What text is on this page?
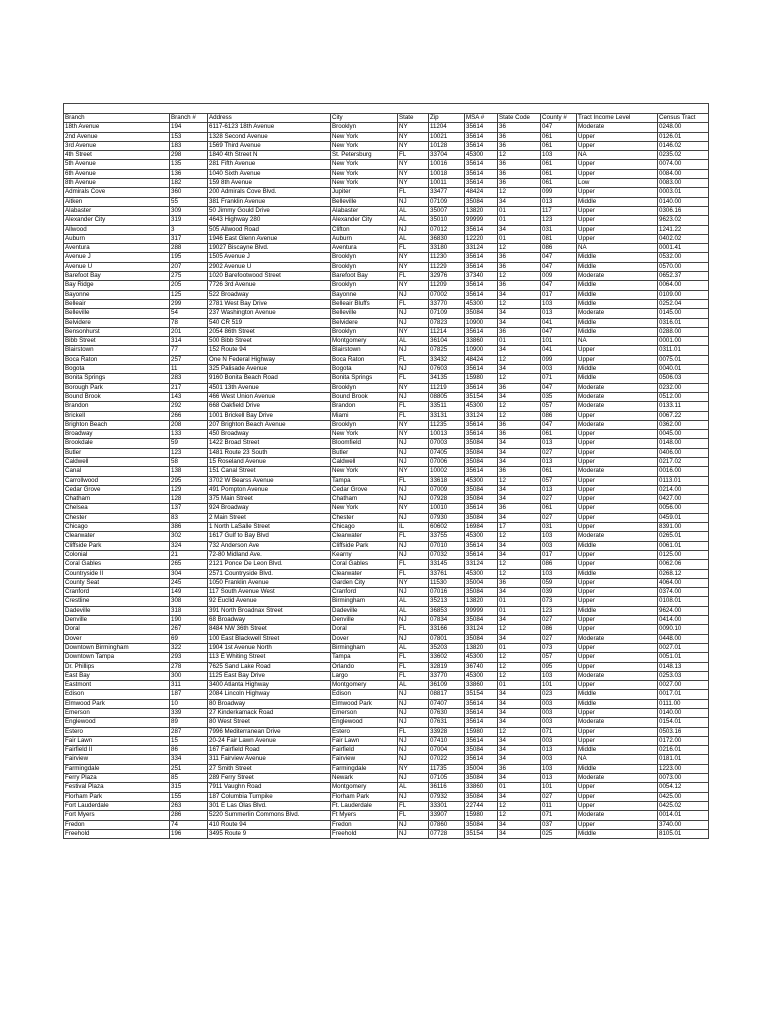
Branch	Branch #	Address	City	State	Zip	MSA #	State Code	County #	Tract Income Level	Census Tract
18th Avenue	194	6117-6123 18th Avenue	Brooklyn	NY	11204	35614	36	047	Moderate	0248.00
2nd Avenue	153	1328 Second Avenue	New York	NY	10021	35614	36	061	Upper	0126.01
3rd Avenue	183	1569 Third Avenue	New York	NY	10128	35614	36	061	Upper	0146.02
4th Street	298	1840 4th Street N	St. Petersburg	FL	33704	45300	12	103	NA	0235.02
5th Avenue	135	281 Fifth Avenue	New York	NY	10016	35614	36	061	Upper	0074.00
6th Avenue	136	1040 Sixth Avenue	New York	NY	10018	35614	36	061	Upper	0084.00
8th Avenue	182	159 8th Avenue	New York	NY	10011	35614	36	061	Low	0083.00
Admirals Cove	360	200 Admirals Cove Blvd.	Jupiter	FL	33477	48424	12	099	Upper	0003.01
Aitken	55	381 Franklin Avenue	Belleville	NJ	07109	35084	34	013	Middle	0140.00
Alabaster	309	50 Jimmy Gould Drive	Alabaster	AL	35007	13820	01	117	Upper	0306.16
Alexander City	319	4643 Highway 280	Alexander City	AL	35010	99999	01	123	Upper	9623.02
Allwood	3	505 Allwood Road	Clifton	NJ	07012	35614	34	031	Upper	1241.22
Auburn	317	1946 East Glenn Avenue	Auburn	AL	36830	12220	01	081	Upper	0402.02
Aventura	288	19027 Biscayne Blvd.	Aventura	FL	33180	33124	12	086	NA	0001.41
Avenue J	195	1505 Avenue J	Brooklyn	NY	11230	35614	36	047	Middle	0532.00
Avenue U	207	2902 Avenue U	Brooklyn	NY	11229	35614	36	047	Middle	0570.00
Barefoot Bay	275	1020 Barefootwood Street	Barefoot Bay	FL	32976	37340	12	009	Moderate	0652.37
Bay Ridge	205	7726 3rd Avenue	Brooklyn	NY	11209	35614	36	047	Middle	0064.00
Bayonne	125	522 Broadway	Bayonne	NJ	07002	35614	34	017	Middle	0109.00
Belleair	299	2781 West Bay Drive	Belleair Bluffs	FL	33770	45300	12	103	Middle	0252.04
Belleville	54	237 Washington Avenue	Belleville	NJ	07109	35084	34	013	Moderate	0145.00
Belvidere	78	540 CR 519	Belvidere	NJ	07823	10900	34	041	Middle	0316.01
Bensonhurst	201	2054 86th Street	Brooklyn	NY	11214	35614	36	047	Middle	0288.00
Bibb Street	314	500 Bibb Street	Montgomery	AL	36104	33860	01	101	NA	0001.00
Blairstown	77	152 Route 94	Blairstown	NJ	07825	10900	34	041	Upper	0311.01
Boca Raton	257	One N Federal Highway	Boca Raton	FL	33432	48424	12	099	Upper	0075.01
Bogota	11	325 Palisade Avenue	Bogota	NJ	07603	35614	34	003	Middle	0040.01
Bonita Springs	283	9160 Bonita Beach Road	Bonita Springs	FL	34135	15980	12	071	Middle	0506.03
Borough Park	217	4501 13th Avenue	Brooklyn	NY	11219	35614	36	047	Moderate	0232.00
Bound Brook	143	466 West Union Avenue	Bound Brook	NJ	08805	35154	34	035	Moderate	0512.00
Brandon	292	668 Oakfield Drive	Brandon	FL	33511	45300	12	057	Moderate	0133.11
Brickell	266	1001 Brickell Bay Drive	Miami	FL	33131	33124	12	086	Upper	0067.22
Brighton Beach	208	207 Brighton Beach Avenue	Brooklyn	NY	11235	35614	36	047	Moderate	0362.00
Broadway	133	450 Broadway	New York	NY	10013	35614	36	061	Upper	0045.00
Brookdale	59	1422 Broad Street	Bloomfield	NJ	07003	35084	34	013	Upper	0148.00
Butler	123	1481 Route 23 South	Butler	NJ	07405	35084	34	027	Upper	0406.00
Caldwell	58	15 Roseland Avenue	Caldwell	NJ	07006	35084	34	013	Upper	0217.02
Canal	138	151 Canal Street	New York	NY	10002	35614	36	061	Moderate	0016.00
Carrollwood	295	3702 W Bearss Avenue	Tampa	FL	33618	45300	12	057	Upper	0113.01
Cedar Grove	129	491 Pompton Avenue	Cedar Grove	NJ	07009	35084	34	013	Upper	0214.00
Chatham	128	375 Main Street	Chatham	NJ	07928	35084	34	027	Upper	0427.00
Chelsea	137	924 Broadway	New York	NY	10010	35614	36	061	Upper	0056.00
Chester	83	2 Main Street	Chester	NJ	07930	35084	34	027	Upper	0459.01
Chicago	386	1 North LaSalle Street	Chicago	IL	60602	16984	17	031	Upper	8391.00
Clearwater	302	1617 Gulf to Bay Blvd	Clearwater	FL	33755	45300	12	103	Moderate	0265.01
Cliffside Park	324	732 Anderson Ave	Cliffside Park	NJ	07010	35614	34	003	Middle	0061.01
Colonial	21	72-80 Midland Ave.	Kearny	NJ	07032	35614	34	017	Upper	0125.00
Coral Gables	265	2121 Ponce De Leon Blvd.	Coral Gables	FL	33145	33124	12	086	Upper	0062.06
Countryside II	304	2571 Countryside Blvd.	Clearwater	FL	33761	45300	12	103	Middle	0268.12
County Seat	245	1050 Franklin Avenue	Garden City	NY	11530	35004	36	059	Upper	4064.00
Cranford	149	117 South Avenue West	Cranford	NJ	07016	35084	34	039	Upper	0374.00
Crestline	308	92 Euclid Avenue	Birmingham	AL	35213	13820	01	073	Upper	0108.01
Dadeville	318	391 North Broadnax Street	Dadeville	AL	36853	99999	01	123	Middle	9624.00
Denville	190	68 Broadway	Denville	NJ	07834	35084	34	027	Upper	0414.00
Doral	267	8484 NW 36th Street	Doral	FL	33166	33124	12	086	Upper	0090.10
Dover	69	100 East Blackwell Street	Dover	NJ	07801	35084	34	027	Moderate	0448.00
Downtown Birmingham	322	1904 1st Avenue North	Birmingham	AL	35203	13820	01	073	Upper	0027.01
Downtown Tampa	293	113 E Whiting Street	Tampa	FL	33602	45300	12	057	Upper	0051.01
Dr. Phillips	278	7625 Sand Lake Road	Orlando	FL	32819	36740	12	095	Upper	0148.13
East Bay	300	1125 East Bay Drive	Largo	FL	33770	45300	12	103	Moderate	0253.03
Eastmont	311	3400 Atlanta Highway	Montgomery	AL	36109	33860	01	101	Upper	0027.00
Edison	187	2084 Lincoln Highway	Edison	NJ	08817	35154	34	023	Middle	0017.01
Elmwood Park	10	80 Broadway	Elmwood Park	NJ	07407	35614	34	003	Middle	0111.00
Emerson	339	27 Kinderkamack Road	Emerson	NJ	07630	35614	34	003	Upper	0140.00
Englewood	89	80 West Street	Englewood	NJ	07631	35614	34	003	Moderate	0154.01
Estero	287	7996 Mediterranean Drive	Estero	FL	33928	15980	12	071	Upper	0503.16
Fair Lawn	15	20-24 Fair Lawn Avenue	Fair Lawn	NJ	07410	35614	34	003	Upper	0172.00
Fairfield II	86	167 Fairfield Road	Fairfield	NJ	07004	35084	34	013	Middle	0216.01
Fairview	334	311 Fairview Avenue	Fairview	NJ	07022	35614	34	003	NA	0181.01
Farmingdale	251	27 Smith Street	Farmingdale	NY	11735	35004	36	103	Middle	1223.00
Ferry Plaza	85	289 Ferry Street	Newark	NJ	07105	35084	34	013	Moderate	0073.00
Festival Plaza	315	7911 Vaughn Road	Montgomery	AL	36116	33860	01	101	Upper	0054.12
Florham Park	155	187 Columbia Turnpike	Florham Park	NJ	07932	35084	34	027	Upper	0425.00
Fort Lauderdale	263	301 E Las Olas Blvd.	Ft. Lauderdale	FL	33301	22744	12	011	Upper	0425.02
Fort Myers	286	5220 Summerlin Commons Blvd.	Ft Myers	FL	33907	15980	12	071	Moderate	0014.01
Fredon	74	410 Route 94	Fredon	NJ	07860	35084	34	037	Upper	3740.00
Freehold	196	3495 Route 9	Freehold	NJ	07728	35154	34	025	Middle	8105.01
